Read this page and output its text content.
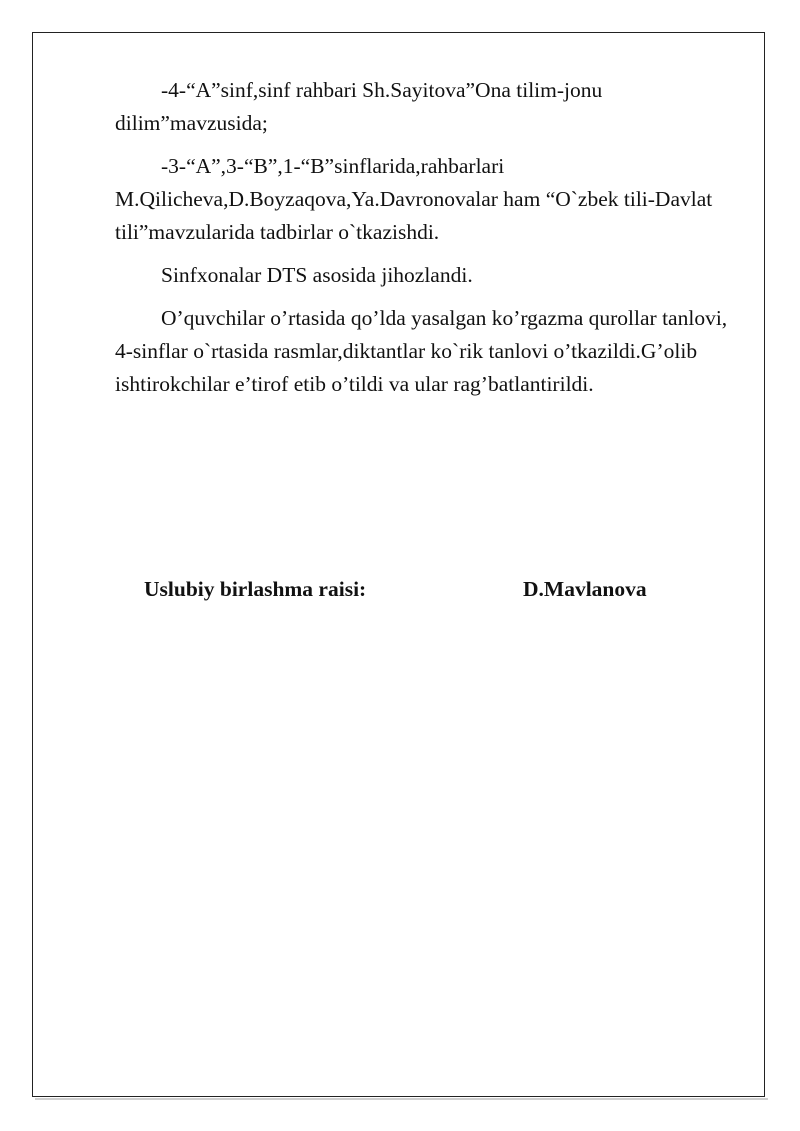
-4-“A”sinf,sinf rahbari Sh.Sayitova”Ona tilim-jonu dilim”mavzusida;

-3-“A”,3-“B”,1-“B”sinflarida,rahbarlari M.Qilicheva,D.Boyzaqova,Ya.Davronovalar ham “O`zbek tili-Davlat tili”mavzularida tadbirlar o`tkazishdi.

Sinfxonalar DTS asosida jihozlandi.

O’quvchilar o’rtasida qo’lda yasalgan ko’rgazma qurollar tanlovi, 4-sinflar o`rtasida rasmlar,diktantlar ko`rik tanlovi o’tkazildi.G’olib ishtirokchilar e’tirof etib o’tildi va ular rag’batlantirildi.

Uslubiy birlashma raisi:	D.Mavlanova
